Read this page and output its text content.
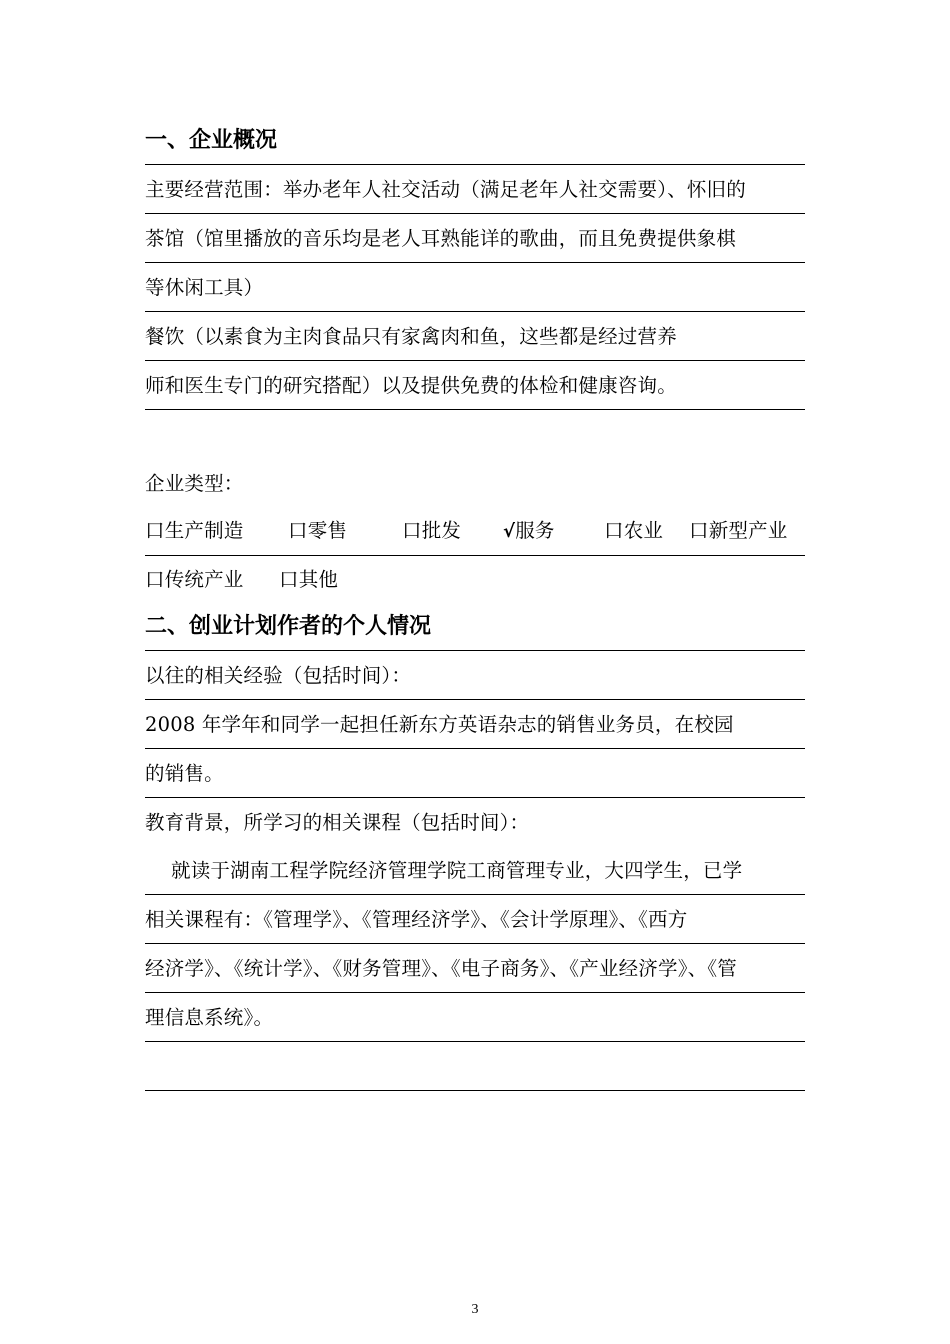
一、企业概况
主要经营范围：举办老年人社交活动（满足老年人社交需要）、怀旧的
茶馆（馆里播放的音乐均是老人耳熟能详的歌曲，而且免费提供象棋
等休闲工具）
餐饮（以素食为主肉食品只有家禽肉和鱼，这些都是经过营养
师和医生专门的研究搭配）以及提供免费的体检和健康咨询。
企业类型：
口生产制造	口零售	口批发	√服务	口农业	口新型产业
口传统产业	口其他
二、创业计划作者的个人情况
以往的相关经验（包括时间）：
2008 年学年和同学一起担任新东方英语杂志的销售业务员，在校园
的销售。
教育背景，所学习的相关课程（包括时间）：
就读于湖南工程学院经济管理学院工商管理专业，大四学生，已学
相关课程有：《管理学》、《管理经济学》、《会计学原理》、《西方
经济学》、《统计学》、《财务管理》、《电子商务》、《产业经济学》、《管
理信息系统》。
3
